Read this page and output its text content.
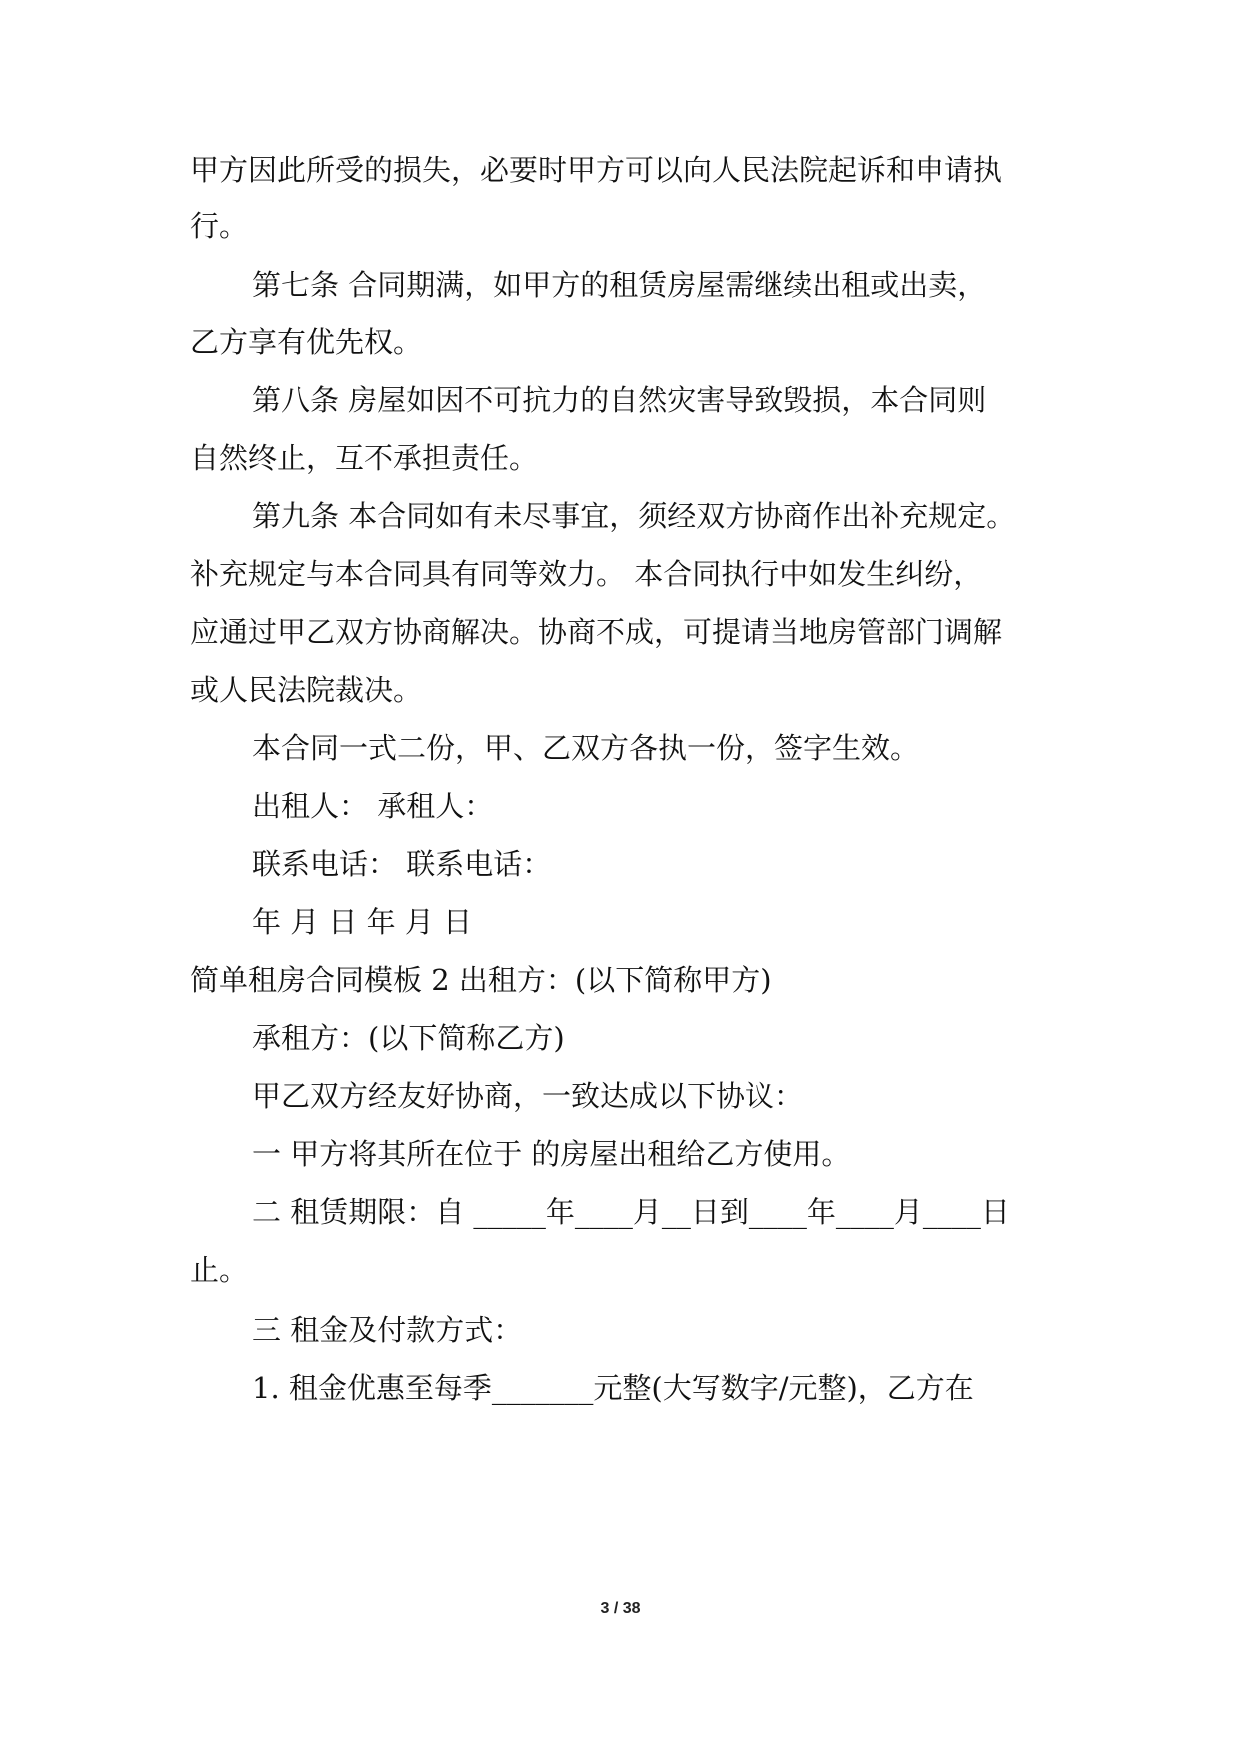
甲方因此所受的损失，必要时甲方可以向人民法院起诉和申请执
行。
第七条 合同期满，如甲方的租赁房屋需继续出租或出卖，
乙方享有优先权。
第八条 房屋如因不可抗力的自然灾害导致毁损，本合同则
自然终止，互不承担责任。
第九条 本合同如有未尽事宜，须经双方协商作出补充规定。
补充规定与本合同具有同等效力。 本合同执行中如发生纠纷，
应通过甲乙双方协商解决。协商不成，可提请当地房管部门调解
或人民法院裁决。
本合同一式二份，甲、乙双方各执一份，签字生效。
出租人： 承租人：
联系电话： 联系电话：
年 月 日 年 月 日
简单租房合同模板 2 出租方：(以下简称甲方)
承租方：(以下简称乙方)
甲乙双方经友好协商，一致达成以下协议：
一 甲方将其所在位于 的房屋出租给乙方使用。
二 租赁期限：自 _____年____月__日到____年____月____日
止。
三 租金及付款方式：
1. 租金优惠至每季_______元整(大写数字/元整)，乙方在
3 / 38
